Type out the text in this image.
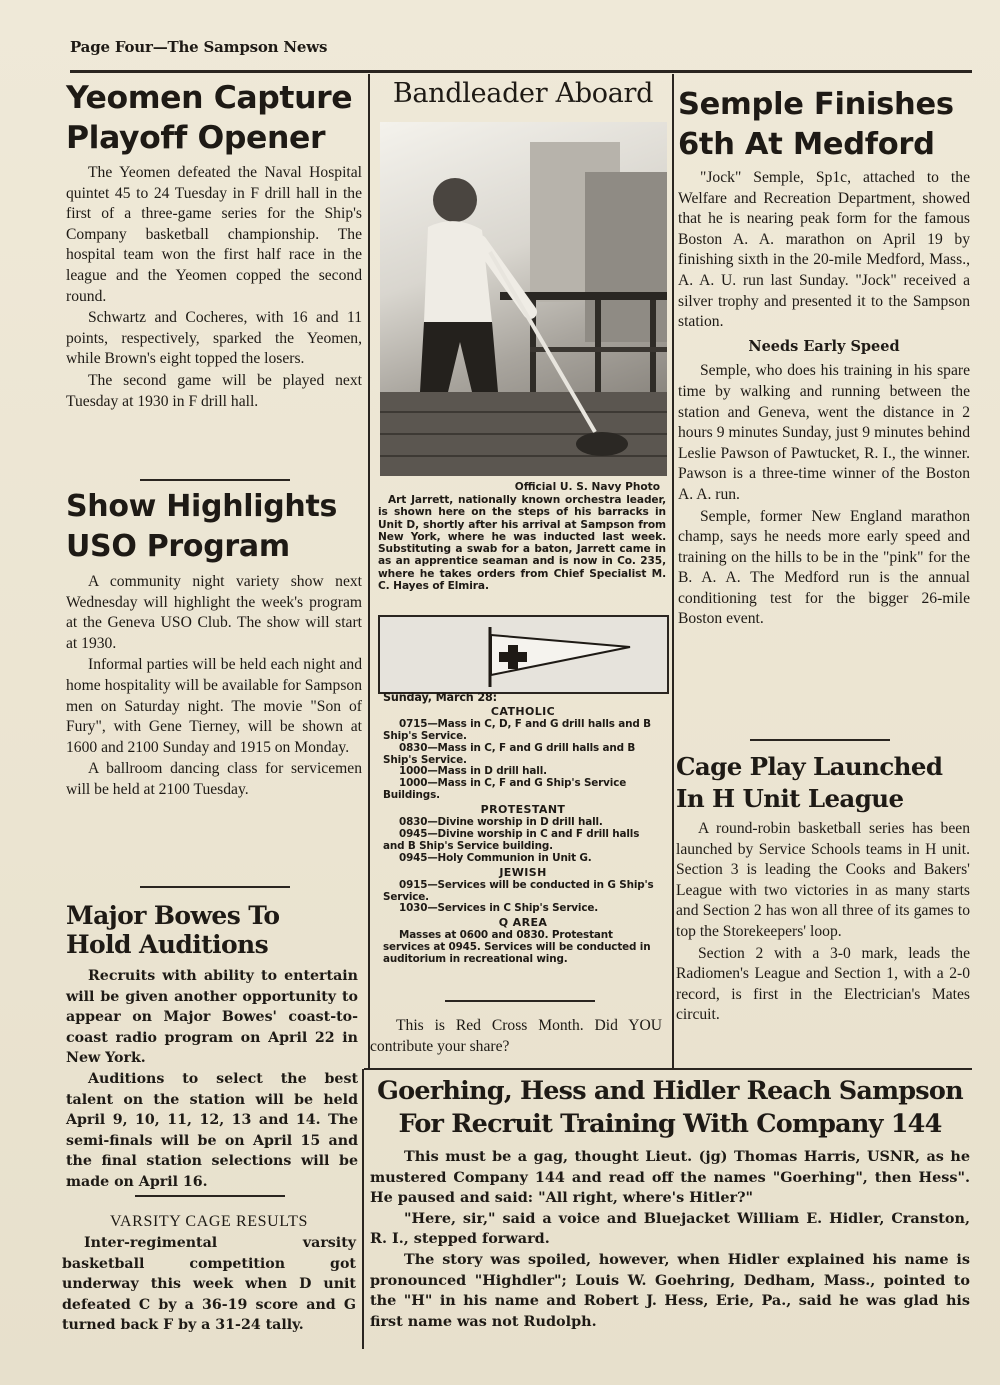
Page Four—The Sampson News
Yeomen Capture
Playoff Opener

The Yeomen defeated the Naval Hospital quintet 45 to 24 Tuesday in F drill hall in the first of a three-game series for the Ship's Company basketball championship. The hospital team won the first half race in the league and the Yeomen copped the second round.

Schwartz and Cocheres, with 16 and 11 points, respectively, sparked the Yeomen, while Brown's eight topped the losers.

The second game will be played next Tuesday at 1930 in F drill hall.

Show Highlights
USO Program

A community night variety show next Wednesday will highlight the week's program at the Geneva USO Club. The show will start at 1930.

Informal parties will be held each night and home hospitality will be available for Sampson men on Saturday night. The movie "Son of Fury", with Gene Tierney, will be shown at 1600 and 2100 Sunday and 1915 on Monday.

A ballroom dancing class for servicemen will be held at 2100 Tuesday.

Major Bowes To
Hold Auditions

Recruits with ability to entertain will be given another opportunity to appear on Major Bowes' coast-to-coast radio program on April 22 in New York.

Auditions to select the best talent on the station will be held April 9, 10, 11, 12, 13 and 14. The semi-finals will be on April 15 and the final station selections will be made on April 16.

VARSITY CAGE RESULTS

Inter-regimental varsity basketball competition got underway this week when D unit defeated C by a 36-19 score and G turned back F by a 31-24 tally.

Bandleader Aboard
Official U. S. Navy Photo

Art Jarrett, nationally known orchestra leader, is shown here on the steps of his barracks in Unit D, shortly after his arrival at Sampson from New York, where he was inducted last week. Substituting a swab for a baton, Jarrett came in as an apprentice seaman and is now in Co. 235, where he takes orders from Chief Specialist M. C. Hayes of Elmira.

Sunday, March 28:
CATHOLIC

0715—Mass in C, D, F and G drill halls and B Ship's Service.

0830—Mass in C, F and G drill halls and B Ship's Service.

1000—Mass in D drill hall.

1000—Mass in C, F and G Ship's Service Buildings.

PROTESTANT

0830—Divine worship in D drill hall.

0945—Divine worship in C and F drill halls and B Ship's Service building.

0945—Holy Communion in Unit G.

JEWISH

0915—Services will be conducted in G Ship's Service.

1030—Services in C Ship's Service.

Q AREA

Masses at 0600 and 0830. Protestant services at 0945. Services will be conducted in auditorium in recreational wing.

This is Red Cross Month. Did YOU contribute your share?

Semple Finishes
6th At Medford

"Jock" Semple, Sp1c, attached to the Welfare and Recreation Department, showed that he is nearing peak form for the famous Boston A. A. marathon on April 19 by finishing sixth in the 20-mile Medford, Mass., A. A. U. run last Sunday. "Jock" received a silver trophy and presented it to the Sampson station.

Needs Early Speed

Semple, who does his training in his spare time by walking and running between the station and Geneva, went the distance in 2 hours 9 minutes Sunday, just 9 minutes behind Leslie Pawson of Pawtucket, R. I., the winner. Pawson is a three-time winner of the Boston A. A. run.

Semple, former New England marathon champ, says he needs more early speed and training on the hills to be in the "pink" for the B. A. A. The Medford run is the annual conditioning test for the bigger 26-mile Boston event.

Cage Play Launched
In H Unit League

A round-robin basketball series has been launched by Service Schools teams in H unit. Section 3 is leading the Cooks and Bakers' League with two victories in as many starts and Section 2 has won all three of its games to top the Storekeepers' loop.

Section 2 with a 3-0 mark, leads the Radiomen's League and Section 1, with a 2-0 record, is first in the Electrician's Mates circuit.

Goerhing, Hess and Hidler Reach Sampson
For Recruit Training With Company 144

This must be a gag, thought Lieut. (jg) Thomas Harris, USNR, as he mustered Company 144 and read off the names "Goerhing", then Hess". He paused and said: "All right, where's Hitler?"

"Here, sir," said a voice and Bluejacket William E. Hidler, Cranston, R. I., stepped forward.

The story was spoiled, however, when Hidler explained his name is pronounced "Highdler"; Louis W. Goehring, Dedham, Mass., pointed to the "H" in his name and Robert J. Hess, Erie, Pa., said he was glad his first name was not Rudolph.
